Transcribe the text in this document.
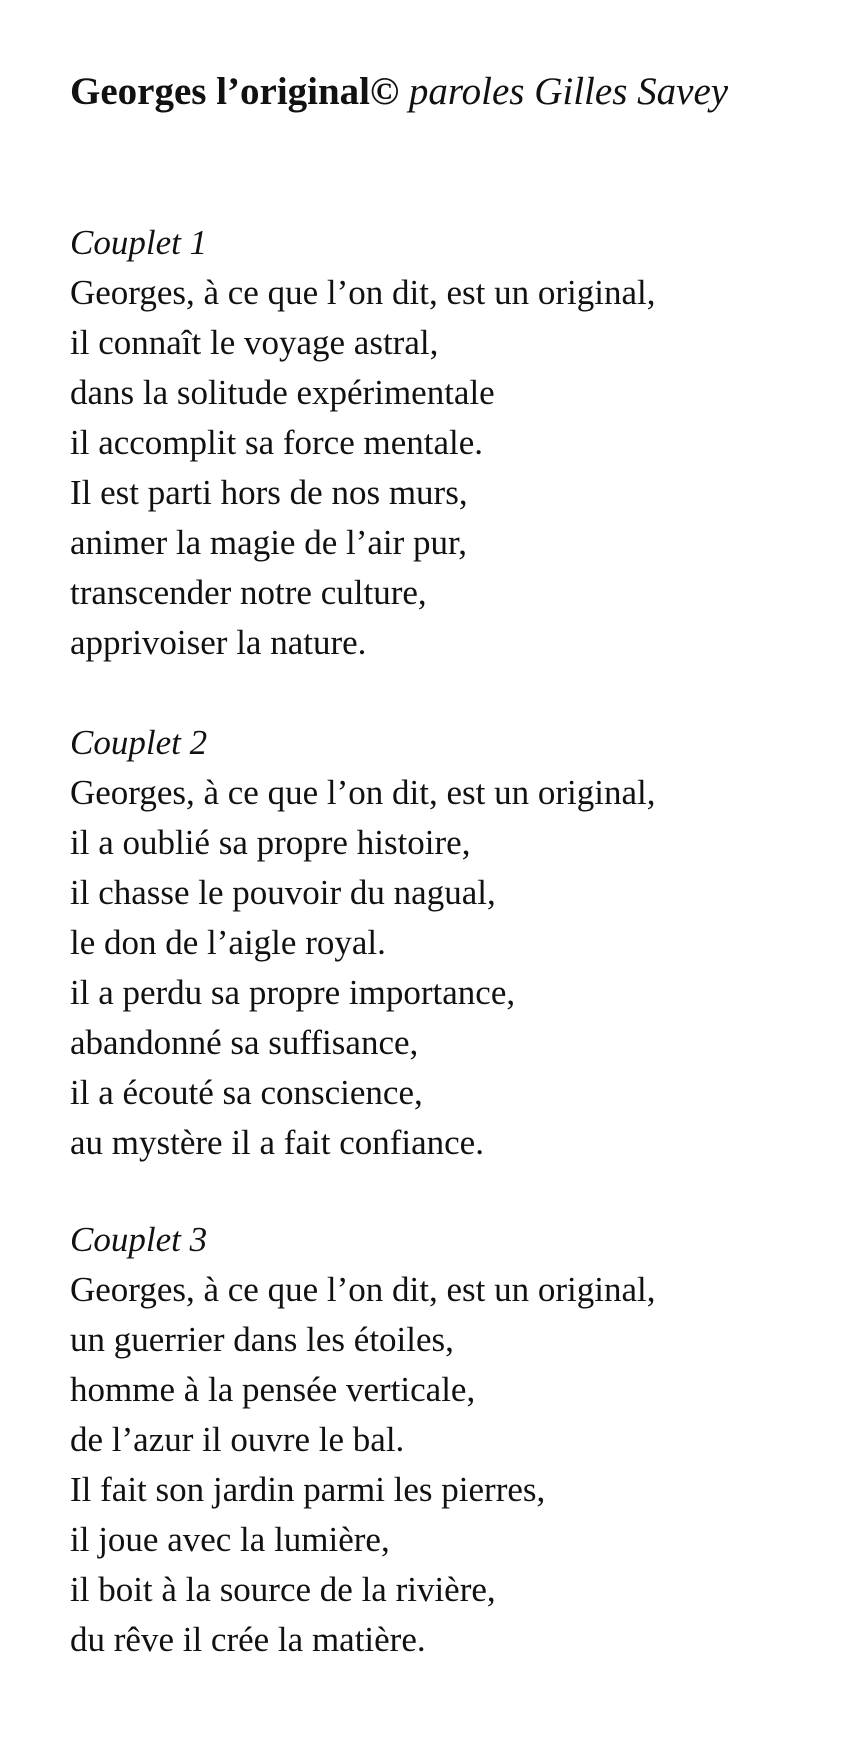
Georges l’original© paroles Gilles Savey
Couplet 1
Georges, à ce que l’on dit, est un original,
il connaît le voyage astral,
dans la solitude expérimentale
il accomplit sa force mentale.
Il est parti hors de nos murs,
animer la magie de l’air pur,
transcender notre culture,
apprivoiser la nature.
Couplet 2
Georges, à ce que l’on dit, est un original,
il a oublié sa propre histoire,
il chasse le pouvoir du nagual,
le don de l’aigle royal.
il a perdu sa propre importance,
abandonné sa suffisance,
il a écouté sa conscience,
au mystère il a fait confiance.
Couplet 3
Georges, à ce que l’on dit, est un original,
un guerrier dans les étoiles,
homme à la pensée verticale,
de l’azur il ouvre le bal.
Il fait son jardin parmi les pierres,
il joue avec la lumière,
il boit à la source de la rivière,
du rêve il crée la matière.
